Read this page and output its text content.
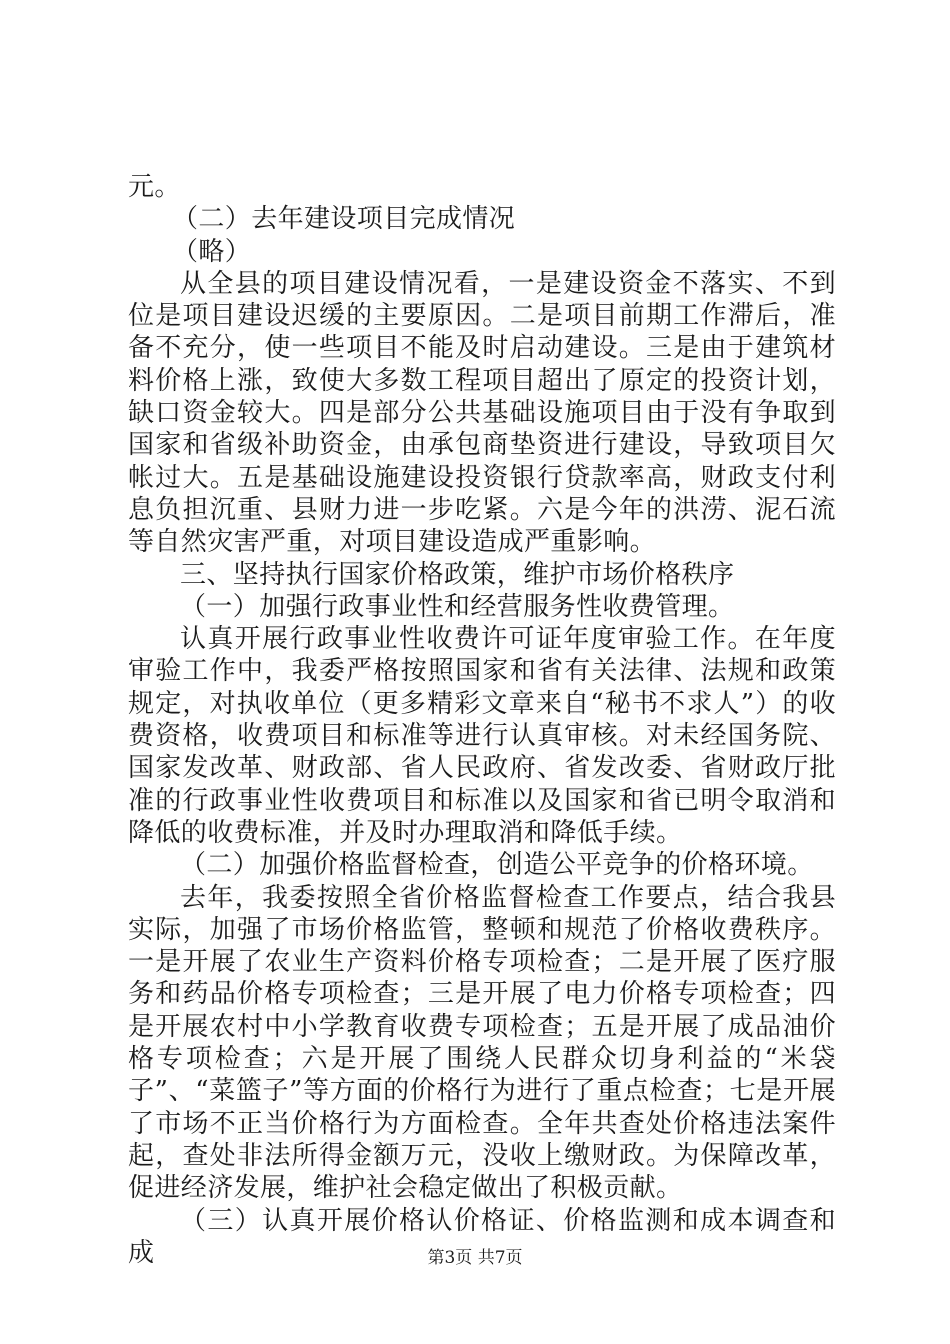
元。

（二）去年建设项目完成情况

（略）

从全县的项目建设情况看，一是建设资金不落实、不到位是项目建设迟缓的主要原因。二是项目前期工作滞后，准备不充分，使一些项目不能及时启动建设。三是由于建筑材料价格上涨，致使大多数工程项目超出了原定的投资计划，缺口资金较大。四是部分公共基础设施项目由于没有争取到国家和省级补助资金，由承包商垫资进行建设，导致项目欠帐过大。五是基础设施建设投资银行贷款率高，财政支付利息负担沉重、县财力进一步吃紧。六是今年的洪涝、泥石流等自然灾害严重，对项目建设造成严重影响。

三、坚持执行国家价格政策，维护市场价格秩序

（一）加强行政事业性和经营服务性收费管理。

认真开展行政事业性收费许可证年度审验工作。在年度审验工作中，我委严格按照国家和省有关法律、法规和政策规定，对执收单位（更多精彩文章来自“秘书不求人”）的收费资格，收费项目和标准等进行认真审核。对未经国务院、国家发改革、财政部、省人民政府、省发改委、省财政厅批准的行政事业性收费项目和标准以及国家和省已明令取消和降低的收费标准，并及时办理取消和降低手续。

（二）加强价格监督检查，创造公平竞争的价格环境。

去年，我委按照全省价格监督检查工作要点，结合我县实际，加强了市场价格监管，整顿和规范了价格收费秩序。一是开展了农业生产资料价格专项检查；二是开展了医疗服务和药品价格专项检查；三是开展了电力价格专项检查；四是开展农村中小学教育收费专项检查；五是开展了成品油价格专项检查；六是开展了围绕人民群众切身利益的“米袋子”、“菜篮子”等方面的价格行为进行了重点检查；七是开展了市场不正当价格行为方面检查。全年共查处价格违法案件起，查处非法所得金额万元，没收上缴财政。为保障改革，促进经济发展，维护社会稳定做出了积极贡献。

（三）认真开展价格认价格证、价格监测和成本调查和成	第3页 共7页
